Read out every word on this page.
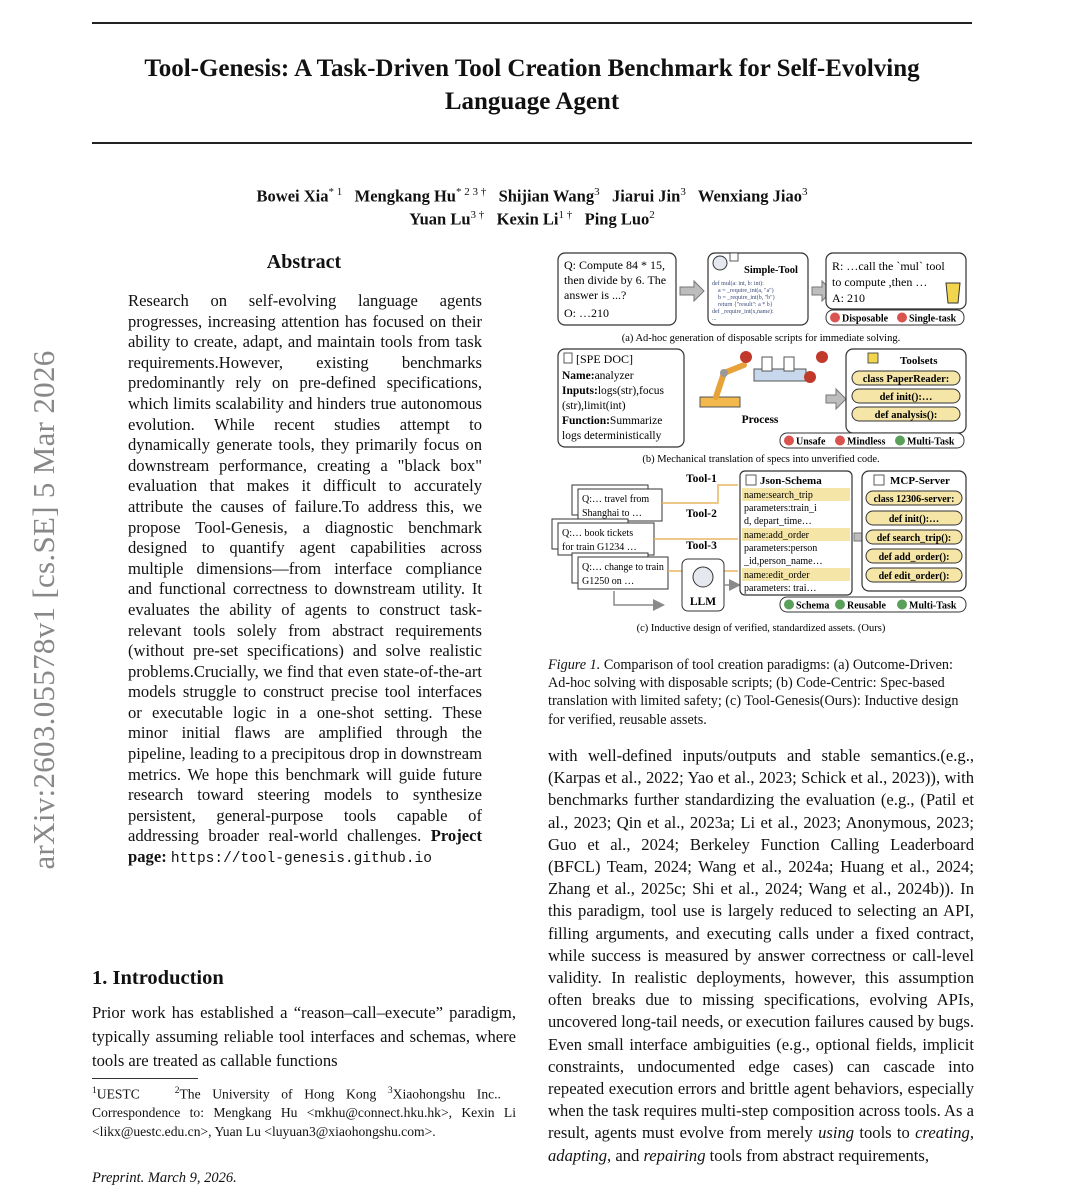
Tool-Genesis: A Task-Driven Tool Creation Benchmark for Self-Evolving
Language Agent
Bowei Xia$^{* 1}$ Mengkang $Hu^{* 2 3 \dagger}$ Shijian Wang$^3$ Jiarui Jin$^3$ Wenxiang Jiao$^3$
Yuan $Lu^{3 \dagger}$ Kexin $Li^{1 \dagger}$ Ping Luo$^2$
arXiv:2603.05578v1 [cs.SE] 5 Mar 2026
Abstract
Research on self-evolving language agents progresses, increasing attention has focused on their ability to create, adapt, and maintain tools from task requirements.However, existing benchmarks predominantly rely on pre-defined specifications, which limits scalability and hinders true autonomous evolution. While recent studies attempt to dynamically generate tools, they primarily focus on downstream performance, creating a "black box" evaluation that makes it difficult to accurately attribute the causes of failure.To address this, we propose Tool-Genesis, a diagnostic benchmark designed to quantify agent capabilities across multiple dimensions—from interface compliance and functional correctness to downstream utility. It evaluates the ability of agents to construct task-relevant tools solely from abstract requirements (without pre-set specifications) and solve realistic problems.Crucially, we find that even state-of-the-art models struggle to construct precise tool interfaces or executable logic in a one-shot setting. These minor initial flaws are amplified through the pipeline, leading to a precipitous drop in downstream metrics. We hope this benchmark will guide future research toward steering models to synthesize persistent, general-purpose tools capable of addressing broader real-world challenges. Project page: https://tool-genesis.github.io
1. Introduction
Prior work has established a “reason–call–execute” paradigm, typically assuming reliable tool interfaces and schemas, where tools are treated as callable functions
$^1$UESTC	$^2$The University of Hong Kong $^3$Xiaohongshu Inc..   Correspondence to: Mengkang Hu <mkhu@connect.hku.hk>, Kexin Li <likx@uestc.edu.cn>, Yuan Lu <luyuan3@xiaohongshu.com>.
Preprint. March 9, 2026.
Q: Compute 84 * 15,
then divide by 6. The
answer is ...?
O: …210
Simple-Tool
def mul(a: int, b: int):
a = _require_int(a, "a")
b = _require_int(b, "b")
return {"result": a * b}
def _require_int(x,name):
...
R: …call the `mul` tool
to compute ,then …
A: 210
Disposable Single-task
(a) Ad-hoc generation of disposable scripts for immediate solving.
[SPE DOC]
Name:analyzer
Inputs:logs(str),focus
(str),limit(int)
Function:Summarize
logs deterministically
Process
Toolsets
class PaperReader:
def init():…
def analysis():
Unsafe Mindless Multi-Task
(b) Mechanical translation of specs into unverified code.
Q:… travel from
Shanghai to …
Q:… book tickets
for train G1234 …
Q:… change to train
G1250 on …
Tool-1
Tool-2
Tool-3
LLM
Json-Schema
name:search_trip
parameters:train_i
d, depart_time…
name:add_order
parameters:person
_id,person_name…
name:edit_order
parameters: trai…
MCP-Server
class 12306-server:
def init():…
def search_trip():
def add_order():
def edit_order():
Schema Reusable Multi-Task
(c) Inductive design of verified, standardized assets. (Ours)
Figure 1. Comparison of tool creation paradigms: (a) Outcome-Driven: Ad-hoc solving with disposable scripts; (b) Code-Centric: Spec-based translation with limited safety; (c) Tool-Genesis(Ours): Inductive design for verified, reusable assets.
with well-defined inputs/outputs and stable semantics.(e.g., (Karpas et al., 2022; Yao et al., 2023; Schick et al., 2023)), with benchmarks further standardizing the evaluation (e.g., (Patil et al., 2023; Qin et al., 2023a; Li et al., 2023; Anonymous, 2023; Guo et al., 2024; Berkeley Function Calling Leaderboard (BFCL) Team, 2024; Wang et al., 2024a; Huang et al., 2024; Zhang et al., 2025c; Shi et al., 2024; Wang et al., 2024b)). In this paradigm, tool use is largely reduced to selecting an API, filling arguments, and executing calls under a fixed contract, while success is measured by answer correctness or call-level validity. In realistic deployments, however, this assumption often breaks due to missing specifications, evolving APIs, uncovered long-tail needs, or execution failures caused by bugs. Even small interface ambiguities (e.g., optional fields, implicit constraints, undocumented edge cases) can cascade into repeated execution errors and brittle agent behaviors, especially when the task requires multi-step composition across tools. As a result, agents must evolve from merely using tools to creating, adapting, and repairing tools from abstract requirements,
